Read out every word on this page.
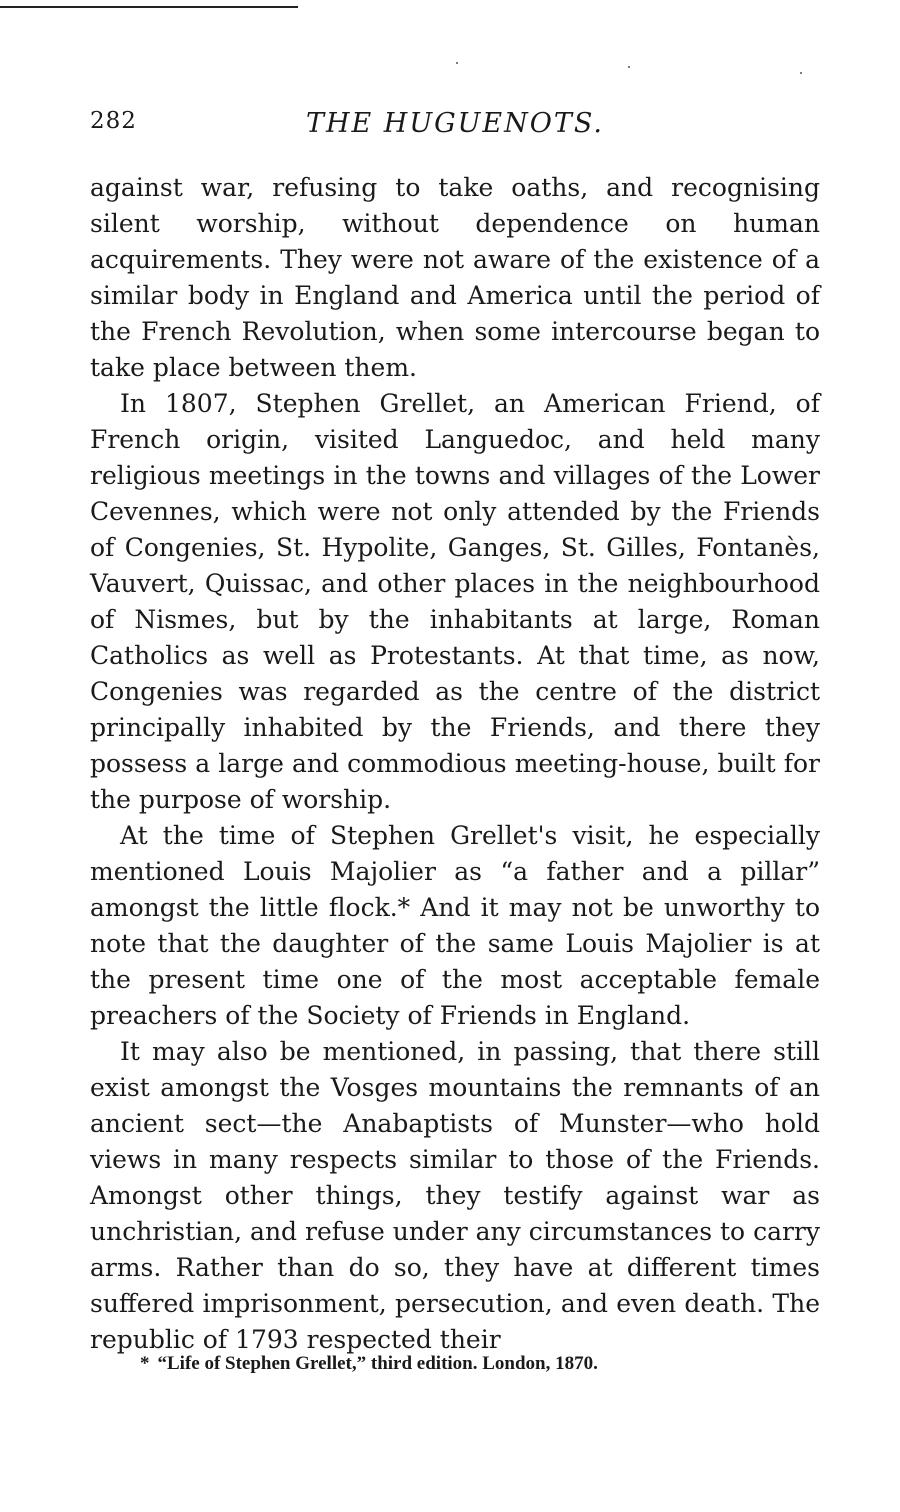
282	THE HUGUENOTS.

against war, refusing to take oaths, and recognising silent worship, without dependence on human acquirements. They were not aware of the existence of a similar body in England and America until the period of the French Revolution, when some intercourse began to take place between them.

In 1807, Stephen Grellet, an American Friend, of French origin, visited Languedoc, and held many religious meetings in the towns and villages of the Lower Cevennes, which were not only attended by the Friends of Congenies, St. Hypolite, Ganges, St. Gilles, Fontanès, Vauvert, Quissac, and other places in the neighbourhood of Nismes, but by the inhabitants at large, Roman Catholics as well as Protestants. At that time, as now, Congenies was regarded as the centre of the district principally inhabited by the Friends, and there they possess a large and commodious meeting-house, built for the purpose of worship.

At the time of Stephen Grellet's visit, he especially mentioned Louis Majolier as “a father and a pillar” amongst the little flock.* And it may not be unworthy to note that the daughter of the same Louis Majolier is at the present time one of the most acceptable female preachers of the Society of Friends in England.

It may also be mentioned, in passing, that there still exist amongst the Vosges mountains the remnants of an ancient sect—the Anabaptists of Munster—who hold views in many respects similar to those of the Friends. Amongst other things, they testify against war as unchristian, and refuse under any circumstances to carry arms. Rather than do so, they have at different times suffered imprisonment, persecution, and even death. The republic of 1793 respected their

* “Life of Stephen Grellet,” third edition. London, 1870.
